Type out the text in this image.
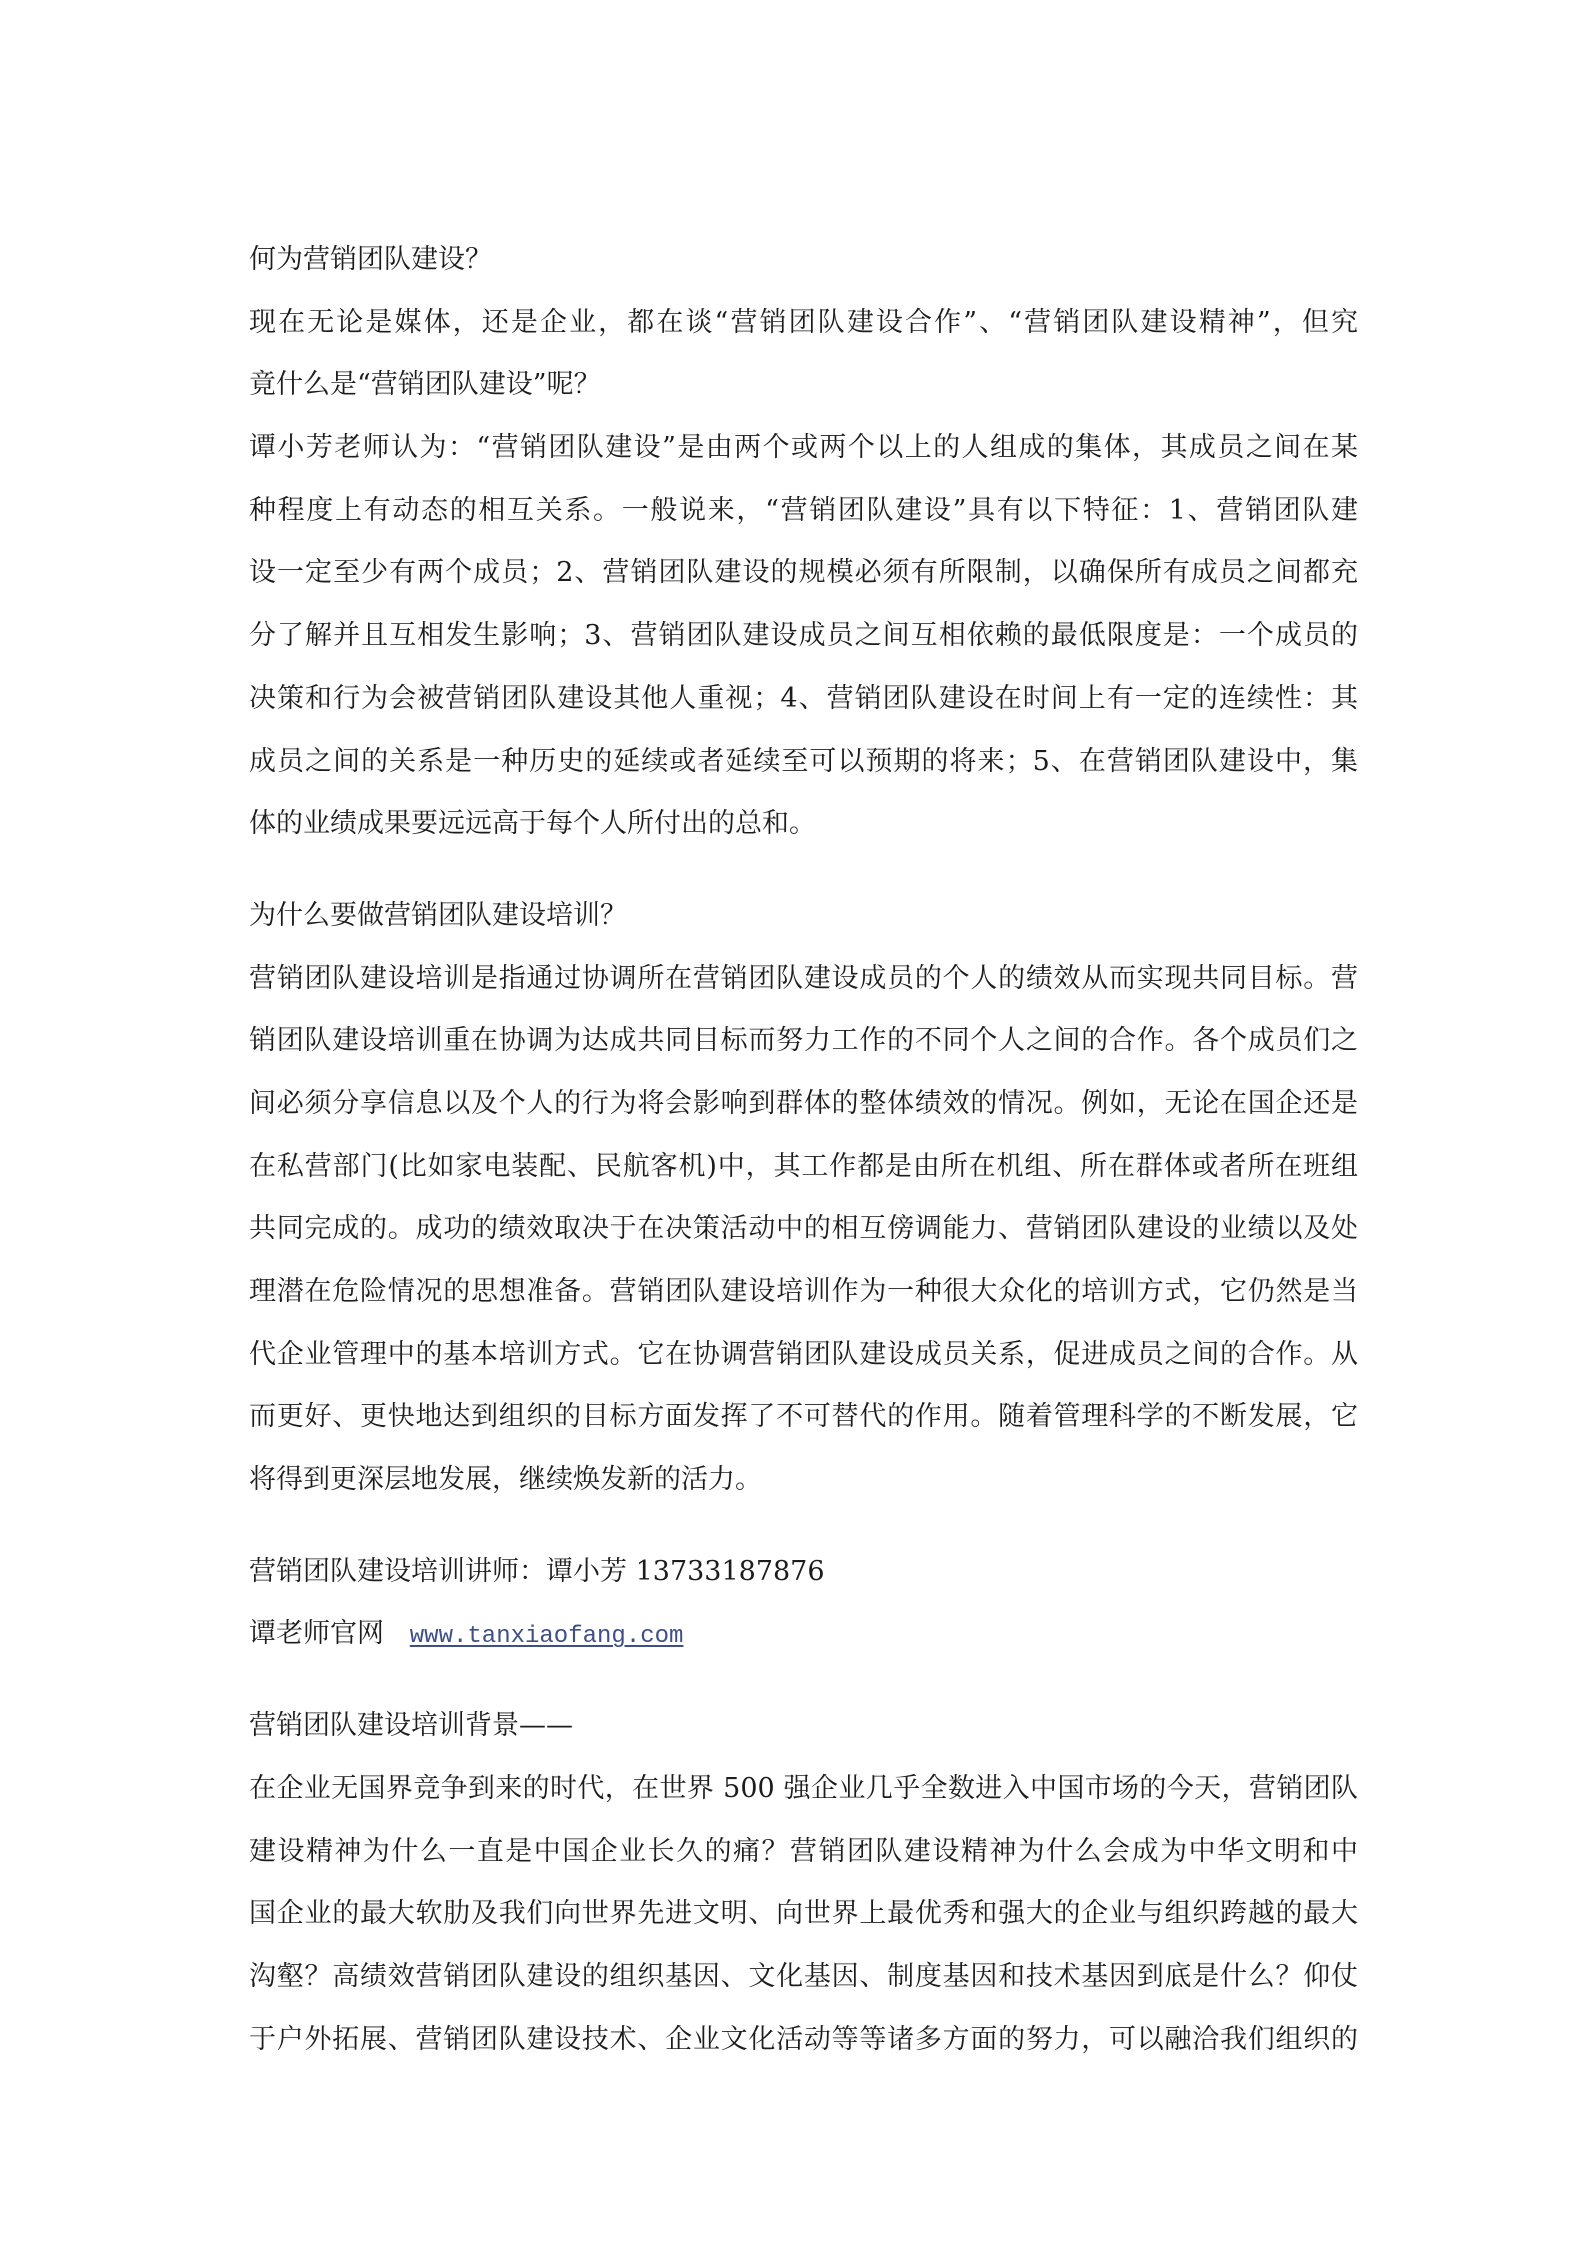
何为营销团队建设？
现在无论是媒体，还是企业，都在谈“营销团队建设合作”、“营销团队建设精神”，但究
竟什么是“营销团队建设”呢？
谭小芳老师认为：“营销团队建设”是由两个或两个以上的人组成的集体，其成员之间在某
种程度上有动态的相互关系。一般说来，“营销团队建设”具有以下特征：1、营销团队建
设一定至少有两个成员；2、营销团队建设的规模必须有所限制，以确保所有成员之间都充
分了解并且互相发生影响；3、营销团队建设成员之间互相依赖的最低限度是：一个成员的
决策和行为会被营销团队建设其他人重视；4、营销团队建设在时间上有一定的连续性：其
成员之间的关系是一种历史的延续或者延续至可以预期的将来；5、在营销团队建设中，集
体的业绩成果要远远高于每个人所付出的总和。
为什么要做营销团队建设培训？
营销团队建设培训是指通过协调所在营销团队建设成员的个人的绩效从而实现共同目标。营
销团队建设培训重在协调为达成共同目标而努力工作的不同个人之间的合作。各个成员们之
间必须分享信息以及个人的行为将会影响到群体的整体绩效的情况。例如，无论在国企还是
在私营部门(比如家电装配、民航客机)中，其工作都是由所在机组、所在群体或者所在班组
共同完成的。成功的绩效取决于在决策活动中的相互傍调能力、营销团队建设的业绩以及处
理潜在危险情况的思想准备。营销团队建设培训作为一种很大众化的培训方式，它仍然是当
代企业管理中的基本培训方式。它在协调营销团队建设成员关系，促进成员之间的合作。从
而更好、更快地达到组织的目标方面发挥了不可替代的作用。随着管理科学的不断发展，它
将得到更深层地发展，继续焕发新的活力。
营销团队建设培训讲师：谭小芳 13733187876
谭老师官网 www.tanxiaofang.com
营销团队建设培训背景——
在企业无国界竞争到来的时代，在世界 500 强企业几乎全数进入中国市场的今天，营销团队
建设精神为什么一直是中国企业长久的痛？营销团队建设精神为什么会成为中华文明和中
国企业的最大软肋及我们向世界先进文明、向世界上最优秀和强大的企业与组织跨越的最大
沟壑？高绩效营销团队建设的组织基因、文化基因、制度基因和技术基因到底是什么？仰仗
于户外拓展、营销团队建设技术、企业文化活动等等诸多方面的努力，可以融洽我们组织的
